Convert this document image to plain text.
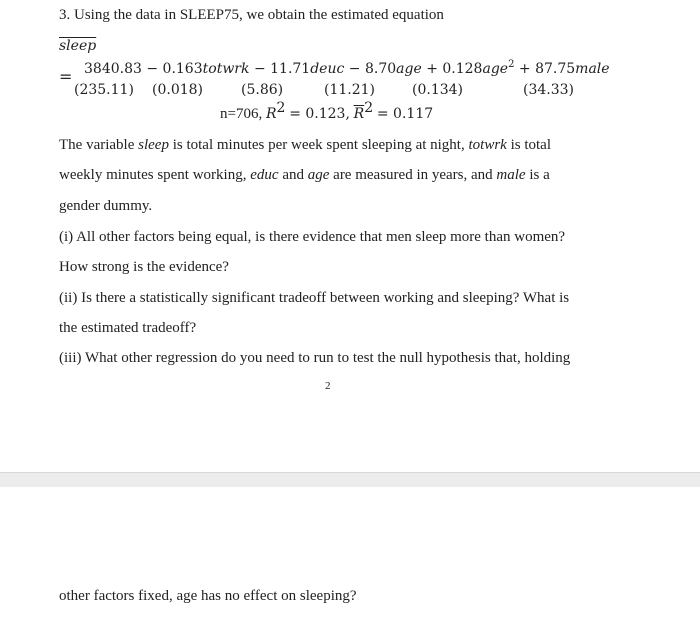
3. Using the data in SLEEP75, we obtain the estimated equation
sleep
= 3840.83 − 0.163totwrk − 11.71deuc − 8.70age + 0.128age$^2$ + 87.75male
(235.11) (0.018)	(5.86)	(11.21)	(0.134)	(34.33)
n=706, $R^2 = 0.123$, $\overline{R}^2 = 0.117$
The variable sleep is total minutes per week spent sleeping at night, totwrk is total
weekly minutes spent working, educ and age are measured in years, and male is a
gender dummy.
(i) All other factors being equal, is there evidence that men sleep more than women?
How strong is the evidence?
(ii) Is there a statistically significant tradeoff between working and sleeping? What is
the estimated tradeoff?
(iii) What other regression do you need to run to test the null hypothesis that, holding
2
other factors fixed, age has no effect on sleeping?
